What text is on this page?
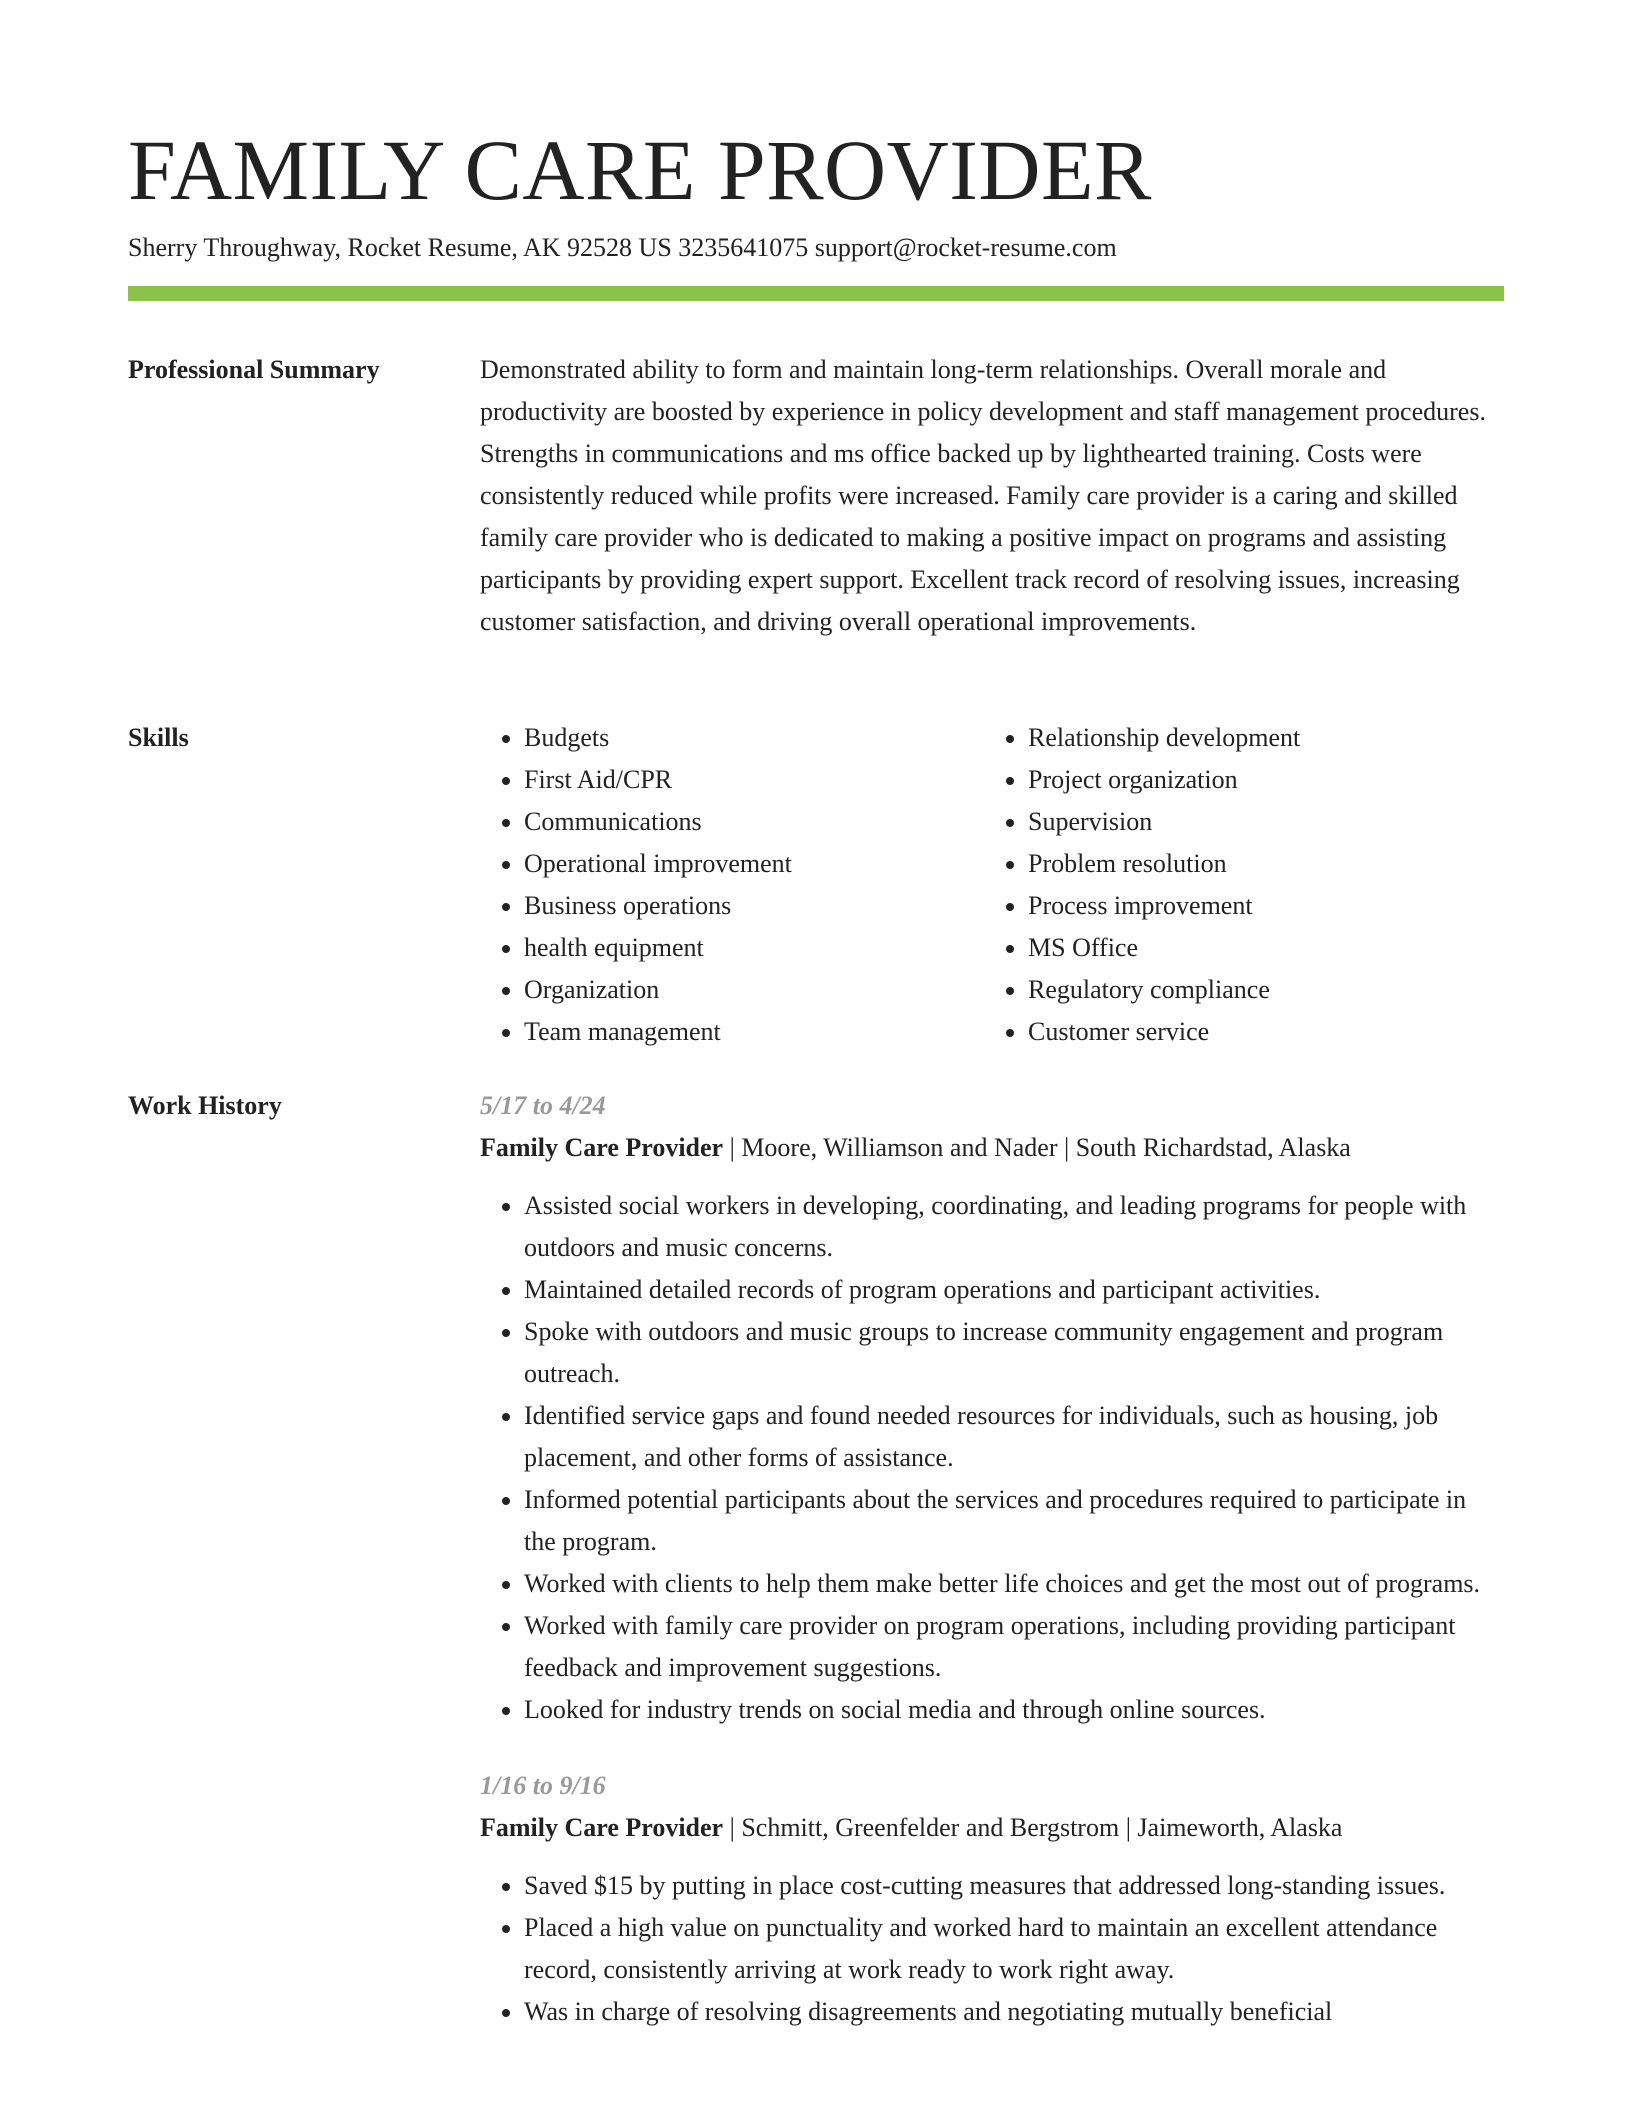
FAMILY CARE PROVIDER
Sherry Throughway, Rocket Resume, AK 92528 US 3235641075 support@rocket-resume.com
Professional Summary	Demonstrated ability to form and maintain long-term relationships. Overall morale and productivity are boosted by experience in policy development and staff management procedures. Strengths in communications and ms office backed up by lighthearted training. Costs were consistently reduced while profits were increased. Family care provider is a caring and skilled family care provider who is dedicated to making a positive impact on programs and assisting participants by providing expert support. Excellent track record of resolving issues, increasing customer satisfaction, and driving overall operational improvements.

Skills
•	Budgets
• First Aid/CPR
• Communications
• Operational improvement
• Business operations
• health equipment
• Organization
• Team management
• Relationship development
• Project organization
• Supervision
• Problem resolution
• Process improvement
• MS Office
• Regulatory compliance
• Customer service
Work History	5/17 to 4/24
Family Care Provider | Moore, Williamson and Nader | South Richardstad, Alaska
• Assisted social workers in developing, coordinating, and leading programs for people with outdoors and music concerns.
• Maintained detailed records of program operations and participant activities.
• Spoke with outdoors and music groups to increase community engagement and program outreach.
• Identified service gaps and found needed resources for individuals, such as housing, job placement, and other forms of assistance.
• Informed potential participants about the services and procedures required to participate in the program.
• Worked with clients to help them make better life choices and get the most out of programs.
• Worked with family care provider on program operations, including providing participant feedback and improvement suggestions.
• Looked for industry trends on social media and through online sources.
1/16 to 9/16
Family Care Provider | Schmitt, Greenfelder and Bergstrom | Jaimeworth, Alaska
• Saved $15 by putting in place cost-cutting measures that addressed long-standing issues.
• Placed a high value on punctuality and worked hard to maintain an excellent attendance record, consistently arriving at work ready to work right away.
• Was in charge of resolving disagreements and negotiating mutually beneficial
